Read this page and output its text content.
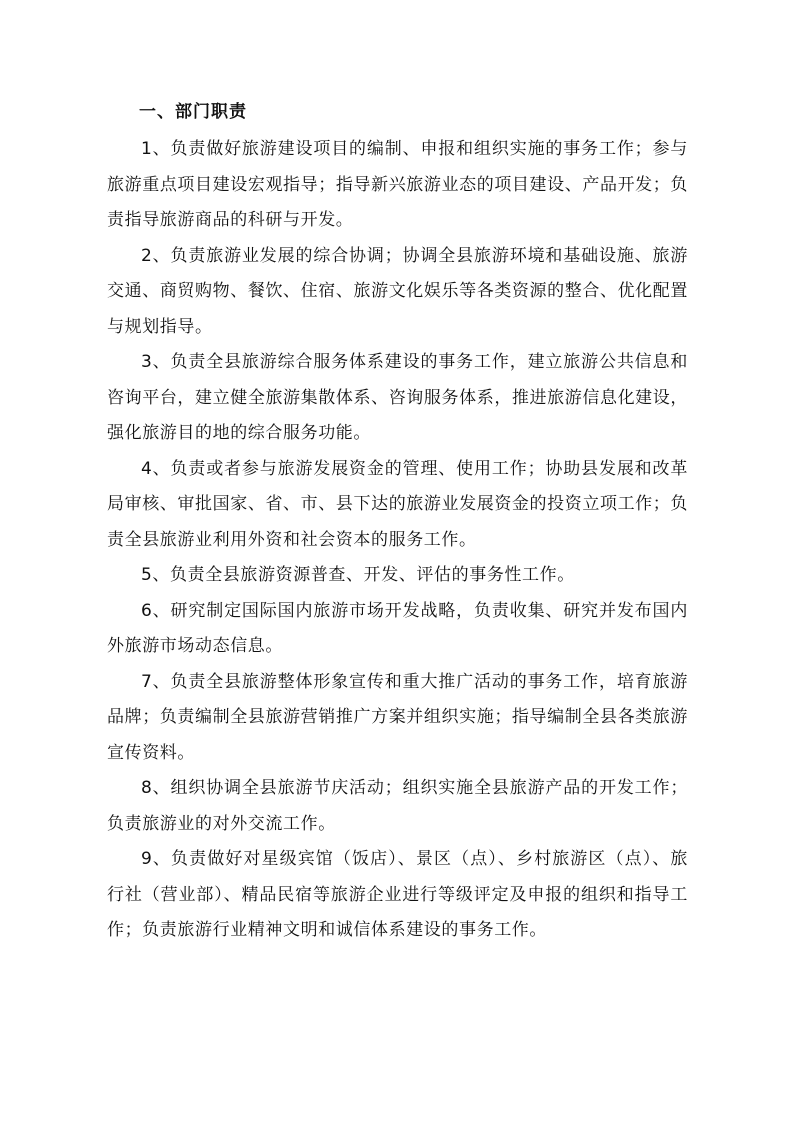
一、部门职责

1、负责做好旅游建设项目的编制、申报和组织实施的事务工作；参与旅游重点项目建设宏观指导；指导新兴旅游业态的项目建设、产品开发；负责指导旅游商品的科研与开发。

2、负责旅游业发展的综合协调；协调全县旅游环境和基础设施、旅游交通、商贸购物、餐饮、住宿、旅游文化娱乐等各类资源的整合、优化配置与规划指导。

3、负责全县旅游综合服务体系建设的事务工作，建立旅游公共信息和咨询平台，建立健全旅游集散体系、咨询服务体系，推进旅游信息化建设，强化旅游目的地的综合服务功能。

4、负责或者参与旅游发展资金的管理、使用工作；协助县发展和改革局审核、审批国家、省、市、县下达的旅游业发展资金的投资立项工作；负责全县旅游业利用外资和社会资本的服务工作。

5、负责全县旅游资源普查、开发、评估的事务性工作。

6、研究制定国际国内旅游市场开发战略，负责收集、研究并发布国内外旅游市场动态信息。

7、负责全县旅游整体形象宣传和重大推广活动的事务工作，培育旅游品牌；负责编制全县旅游营销推广方案并组织实施；指导编制全县各类旅游宣传资料。

8、组织协调全县旅游节庆活动；组织实施全县旅游产品的开发工作；负责旅游业的对外交流工作。

9、负责做好对星级宾馆（饭店）、景区（点）、乡村旅游区（点）、旅行社（营业部）、精品民宿等旅游企业进行等级评定及申报的组织和指导工作；负责旅游行业精神文明和诚信体系建设的事务工作。
